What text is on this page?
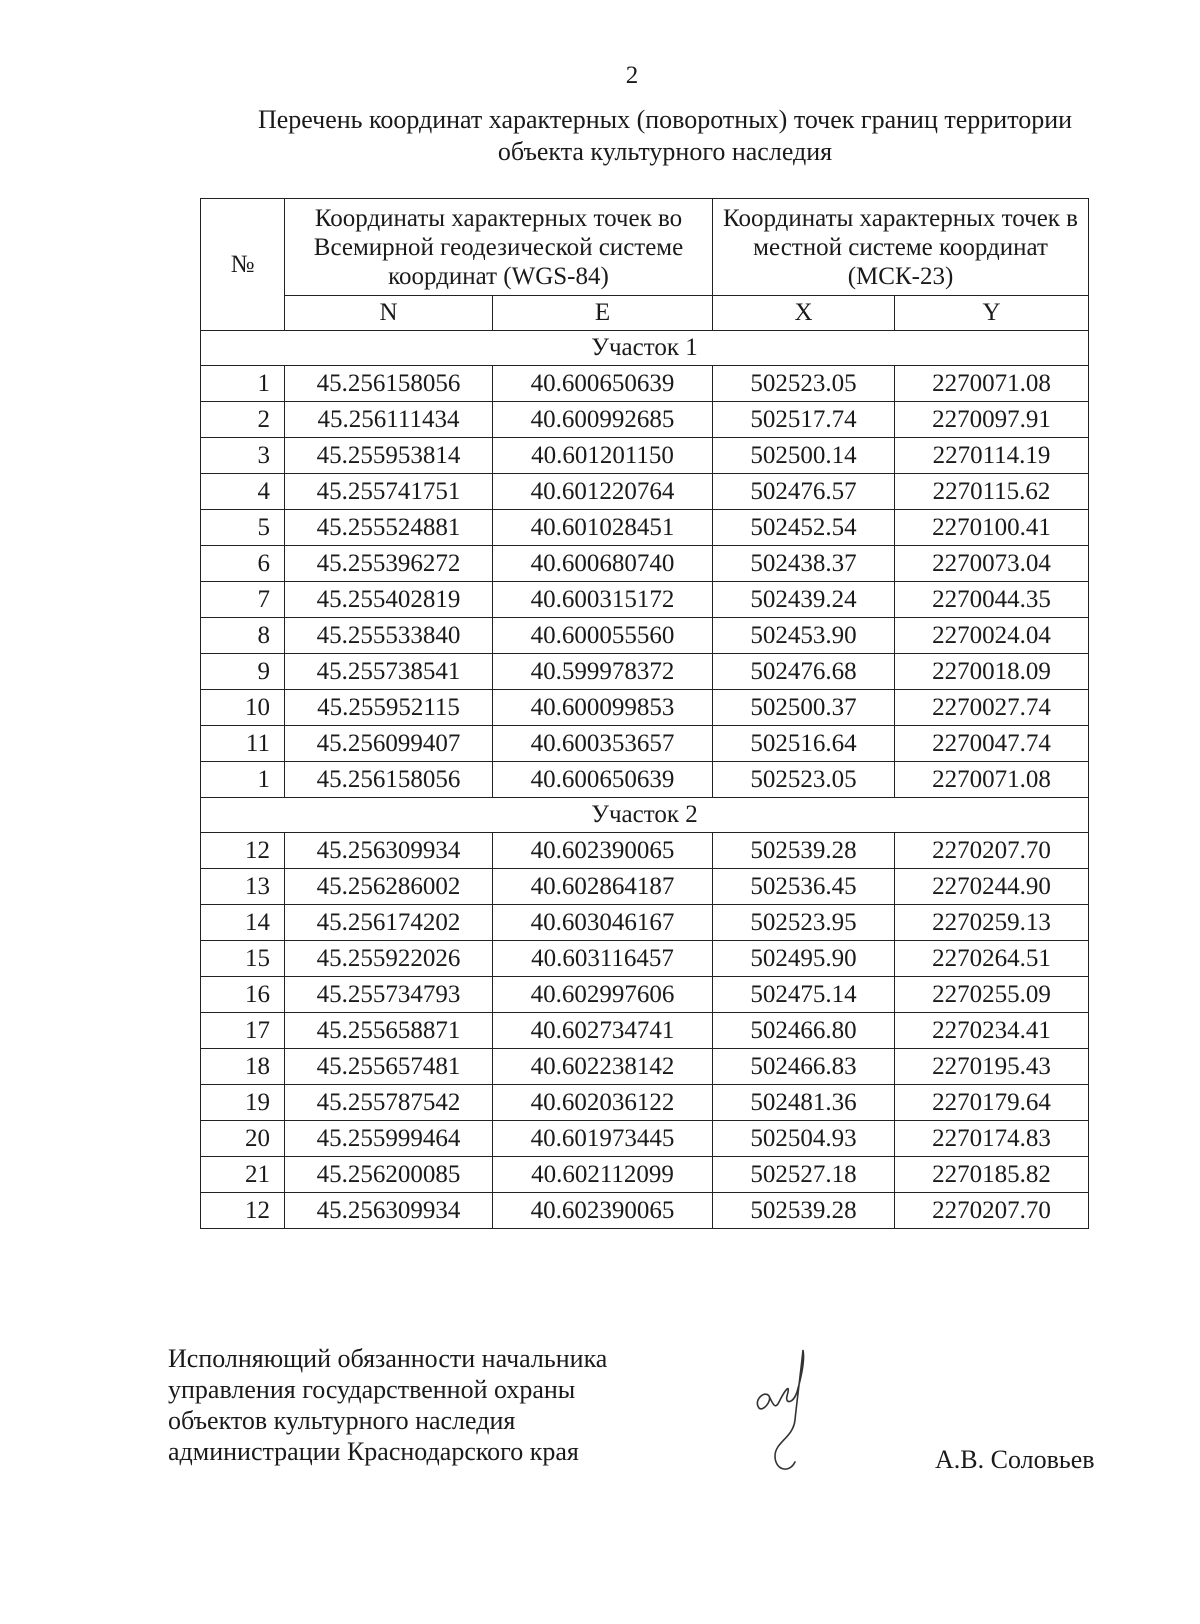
2
Перечень координат характерных (поворотных) точек границ территории
объекта культурного наследия
№	Координаты характерных точек во Всемирной геодезической системе координат (WGS-84)		Координаты характерных точек в местной системе координат (МСК-23)	
	N	E	X	Y
Участок 1				
1	45.256158056	40.600650639	502523.05	2270071.08
2	45.256111434	40.600992685	502517.74	2270097.91
3	45.255953814	40.601201150	502500.14	2270114.19
4	45.255741751	40.601220764	502476.57	2270115.62
5	45.255524881	40.601028451	502452.54	2270100.41
6	45.255396272	40.600680740	502438.37	2270073.04
7	45.255402819	40.600315172	502439.24	2270044.35
8	45.255533840	40.600055560	502453.90	2270024.04
9	45.255738541	40.599978372	502476.68	2270018.09
10	45.255952115	40.600099853	502500.37	2270027.74
11	45.256099407	40.600353657	502516.64	2270047.74
1	45.256158056	40.600650639	502523.05	2270071.08
Участок 2				
12	45.256309934	40.602390065	502539.28	2270207.70
13	45.256286002	40.602864187	502536.45	2270244.90
14	45.256174202	40.603046167	502523.95	2270259.13
15	45.255922026	40.603116457	502495.90	2270264.51
16	45.255734793	40.602997606	502475.14	2270255.09
17	45.255658871	40.602734741	502466.80	2270234.41
18	45.255657481	40.602238142	502466.83	2270195.43
19	45.255787542	40.602036122	502481.36	2270179.64
20	45.255999464	40.601973445	502504.93	2270174.83
21	45.256200085	40.602112099	502527.18	2270185.82
12	45.256309934	40.602390065	502539.28	2270207.70
Исполняющий обязанности начальника
управления государственной охраны
объектов культурного наследия
администрации Краснодарского края	А.В. Соловьев
